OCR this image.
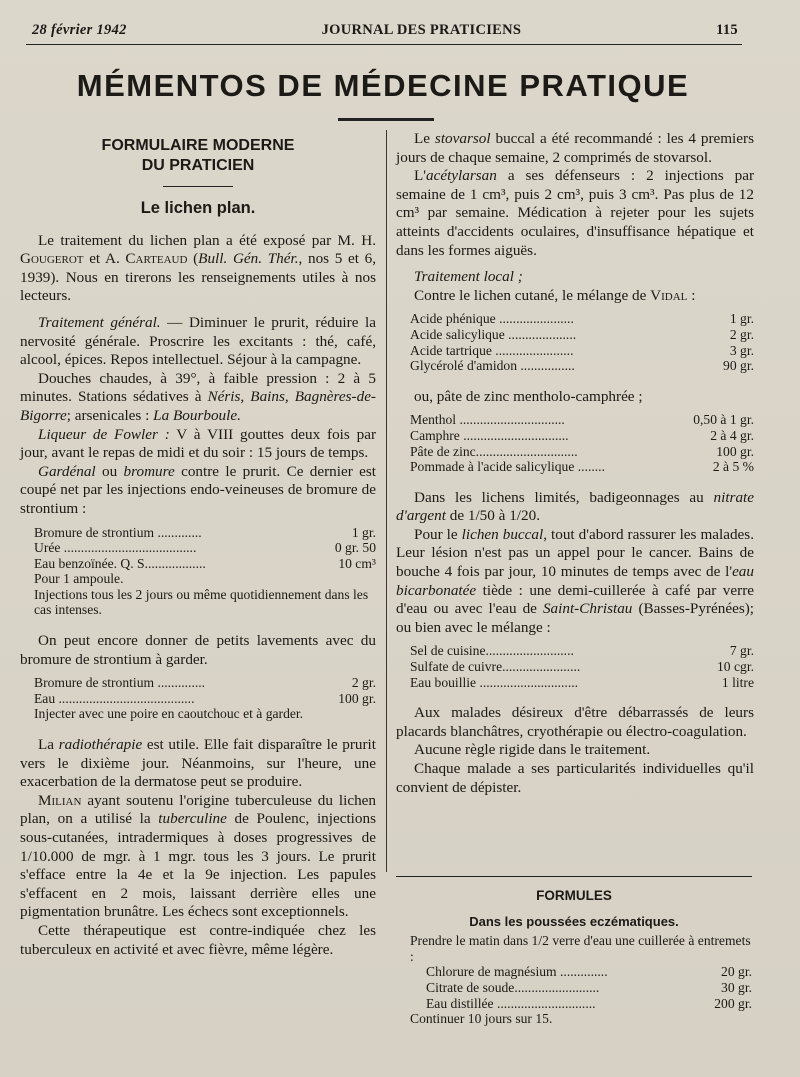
28 février 1942	JOURNAL DES PRATICIENS	115
MÉMENTOS DE MÉDECINE PRATIQUE
FORMULAIRE MODERNE
DU PRATICIEN
Le lichen plan.

Le traitement du lichen plan a été exposé par M. H. Gougerot et A. Carteaud (Bull. Gén. Thér., nos 5 et 6, 1939). Nous en tirerons les renseignements utiles à nos lecteurs.

Traitement général. — Diminuer le prurit, réduire la nervosité générale. Proscrire les excitants : thé, café, alcool, épices. Repos intellectuel. Séjour à la campagne.

Douches chaudes, à 39°, à faible pression : 2 à 5 minutes. Stations sédatives à Néris, Bains, Bagnères-de-Bigorre; arsenicales : La Bourboule.

Liqueur de Fowler : V à VIII gouttes deux fois par jour, avant le repas de midi et du soir : 15 jours de temps.

Gardénal ou bromure contre le prurit. Ce dernier est coupé net par les injections endo-veineuses de bromure de strontium :

Bromure de strontium .............	1 gr.
Urée .......................................	0 gr. 50
Eau benzoïnée. Q. S..................	10 cm³
Pour 1 ampoule.
Injections tous les 2 jours ou même quotidiennement dans les cas intenses.

On peut encore donner de petits lavements avec du bromure de strontium à garder.

Bromure de strontium ..............	2 gr.
Eau ........................................	100 gr.
Injecter avec une poire en caoutchouc et à garder.

La radiothérapie est utile. Elle fait disparaître le prurit vers le dixième jour. Néanmoins, sur l'heure, une exacerbation de la dermatose peut se produire.

Milian ayant soutenu l'origine tuberculeuse du lichen plan, on a utilisé la tuberculine de Poulenc, injections sous-cutanées, intradermiques à doses progressives de 1/10.000 de mgr. à 1 mgr. tous les 3 jours. Le prurit s'efface entre la 4e et la 9e injection. Les papules s'effacent en 2 mois, laissant derrière elles une pigmentation brunâtre. Les échecs sont exceptionnels.

Cette thérapeutique est contre-indiquée chez les tuberculeux en activité et avec fièvre, même légère.

Le stovarsol buccal a été recommandé : les 4 premiers jours de chaque semaine, 2 comprimés de stovarsol.

L'acétylarsan a ses défenseurs : 2 injections par semaine de 1 cm³, puis 2 cm³, puis 3 cm³. Pas plus de 12 cm³ par semaine. Médication à rejeter pour les sujets atteints d'accidents oculaires, d'insuffisance hépatique et dans les formes aiguës.

Traitement local ;

Contre le lichen cutané, le mélange de Vidal :

Acide phénique ......................	1 gr.
Acide salicylique ....................	2 gr.
Acide tartrique .......................	3 gr.
Glycérolé d'amidon ................	90 gr.

ou, pâte de zinc mentholo-camphrée ;

Menthol ...............................	0,50 à 1 gr.
Camphre ...............................	2 à 4 gr.
Pâte de zinc..............................	100 gr.
Pommade à l'acide salicylique ........	2 à 5 %

Dans les lichens limités, badigeonnages au nitrate d'argent de 1/50 à 1/20.

Pour le lichen buccal, tout d'abord rassurer les malades. Leur lésion n'est pas un appel pour le cancer. Bains de bouche 4 fois par jour, 10 minutes de temps avec de l'eau bicarbonatée tiède : une demi-cuillerée à café par verre d'eau ou avec l'eau de Saint-Christau (Basses-Pyrénées); ou bien avec le mélange :

Sel de cuisine..........................	7 gr.
Sulfate de cuivre.......................	10 cgr.
Eau bouillie .............................	1 litre

Aux malades désireux d'être débarrassés de leurs placards blanchâtres, cryothérapie ou électro-coagulation.

Aucune règle rigide dans le traitement.

Chaque malade a ses particularités individuelles qu'il convient de dépister.

FORMULES
Dans les poussées eczématiques.
Prendre le matin dans 1/2 verre d'eau une cuillerée à entremets :
Chlorure de magnésium ..............	20 gr.
Citrate de soude.........................	30 gr.
Eau distillée .............................	200 gr.
Continuer 10 jours sur 15.
